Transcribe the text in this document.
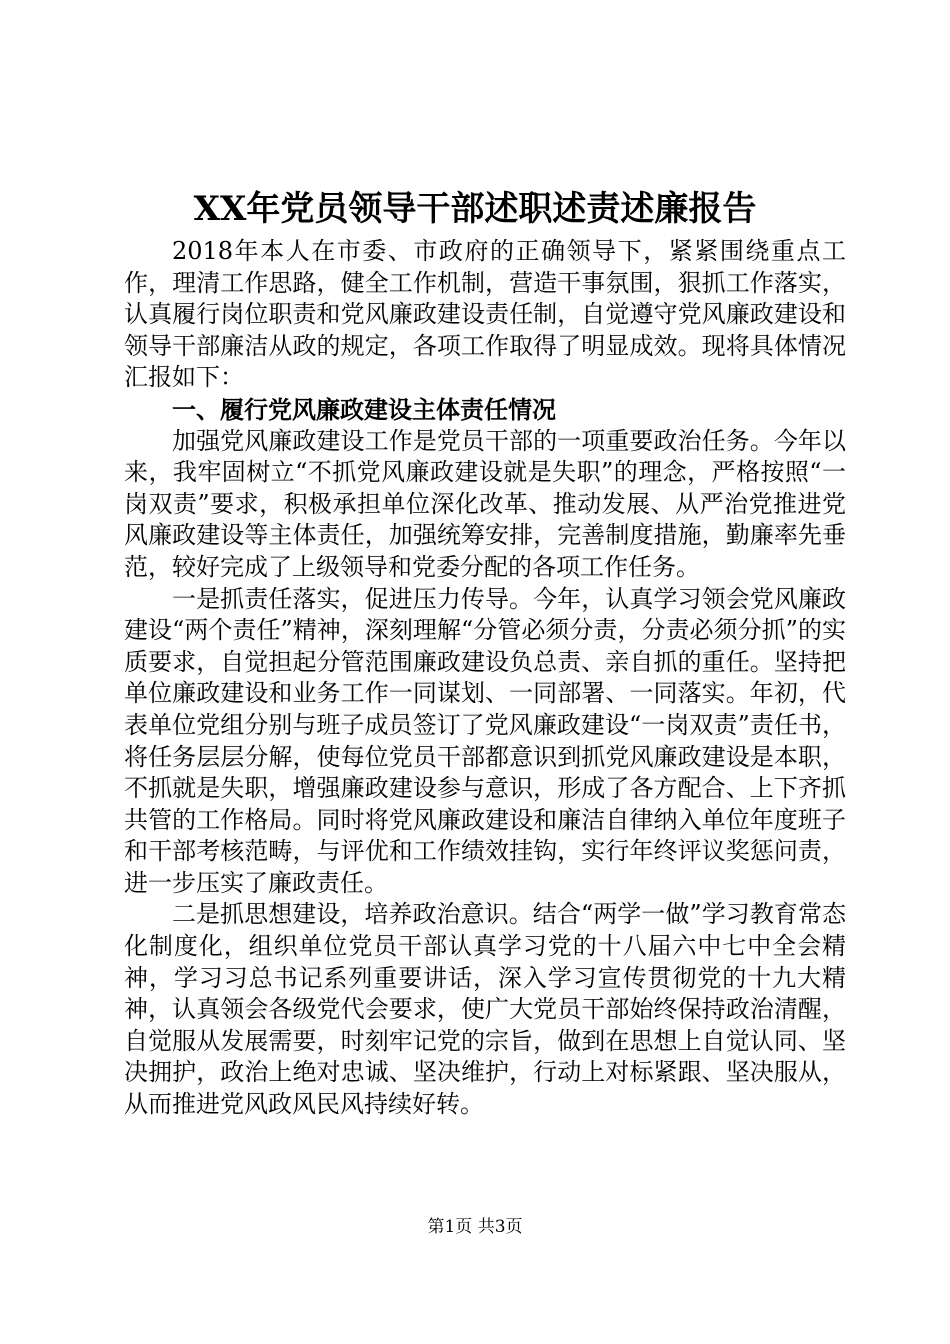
XX年党员领导干部述职述责述廉报告

2018年本人在市委、市政府的正确领导下，紧紧围绕重点工作，理清工作思路，健全工作机制，营造干事氛围，狠抓工作落实，认真履行岗位职责和党风廉政建设责任制，自觉遵守党风廉政建设和领导干部廉洁从政的规定，各项工作取得了明显成效。现将具体情况汇报如下：

一、履行党风廉政建设主体责任情况

加强党风廉政建设工作是党员干部的一项重要政治任务。今年以来，我牢固树立“不抓党风廉政建设就是失职”的理念，严格按照“一岗双责”要求，积极承担单位深化改革、推动发展、从严治党推进党风廉政建设等主体责任，加强统筹安排，完善制度措施，勤廉率先垂范，较好完成了上级领导和党委分配的各项工作任务。

一是抓责任落实，促进压力传导。今年，认真学习领会党风廉政建设“两个责任”精神，深刻理解“分管必须分责，分责必须分抓”的实质要求，自觉担起分管范围廉政建设负总责、亲自抓的重任。坚持把单位廉政建设和业务工作一同谋划、一同部署、一同落实。年初，代表单位党组分别与班子成员签订了党风廉政建设“一岗双责”责任书，将任务层层分解，使每位党员干部都意识到抓党风廉政建设是本职，不抓就是失职，增强廉政建设参与意识，形成了各方配合、上下齐抓共管的工作格局。同时将党风廉政建设和廉洁自律纳入单位年度班子和干部考核范畴，与评优和工作绩效挂钩，实行年终评议奖惩问责，进一步压实了廉政责任。

二是抓思想建设，培养政治意识。结合“两学一做”学习教育常态化制度化，组织单位党员干部认真学习党的十八届六中七中全会精神，学习习总书记系列重要讲话，深入学习宣传贯彻党的十九大精神，认真领会各级党代会要求，使广大党员干部始终保持政治清醒，自觉服从发展需要，时刻牢记党的宗旨，做到在思想上自觉认同、坚决拥护，政治上绝对忠诚、坚决维护，行动上对标紧跟、坚决服从，从而推进党风政风民风持续好转。

第1页 共3页
